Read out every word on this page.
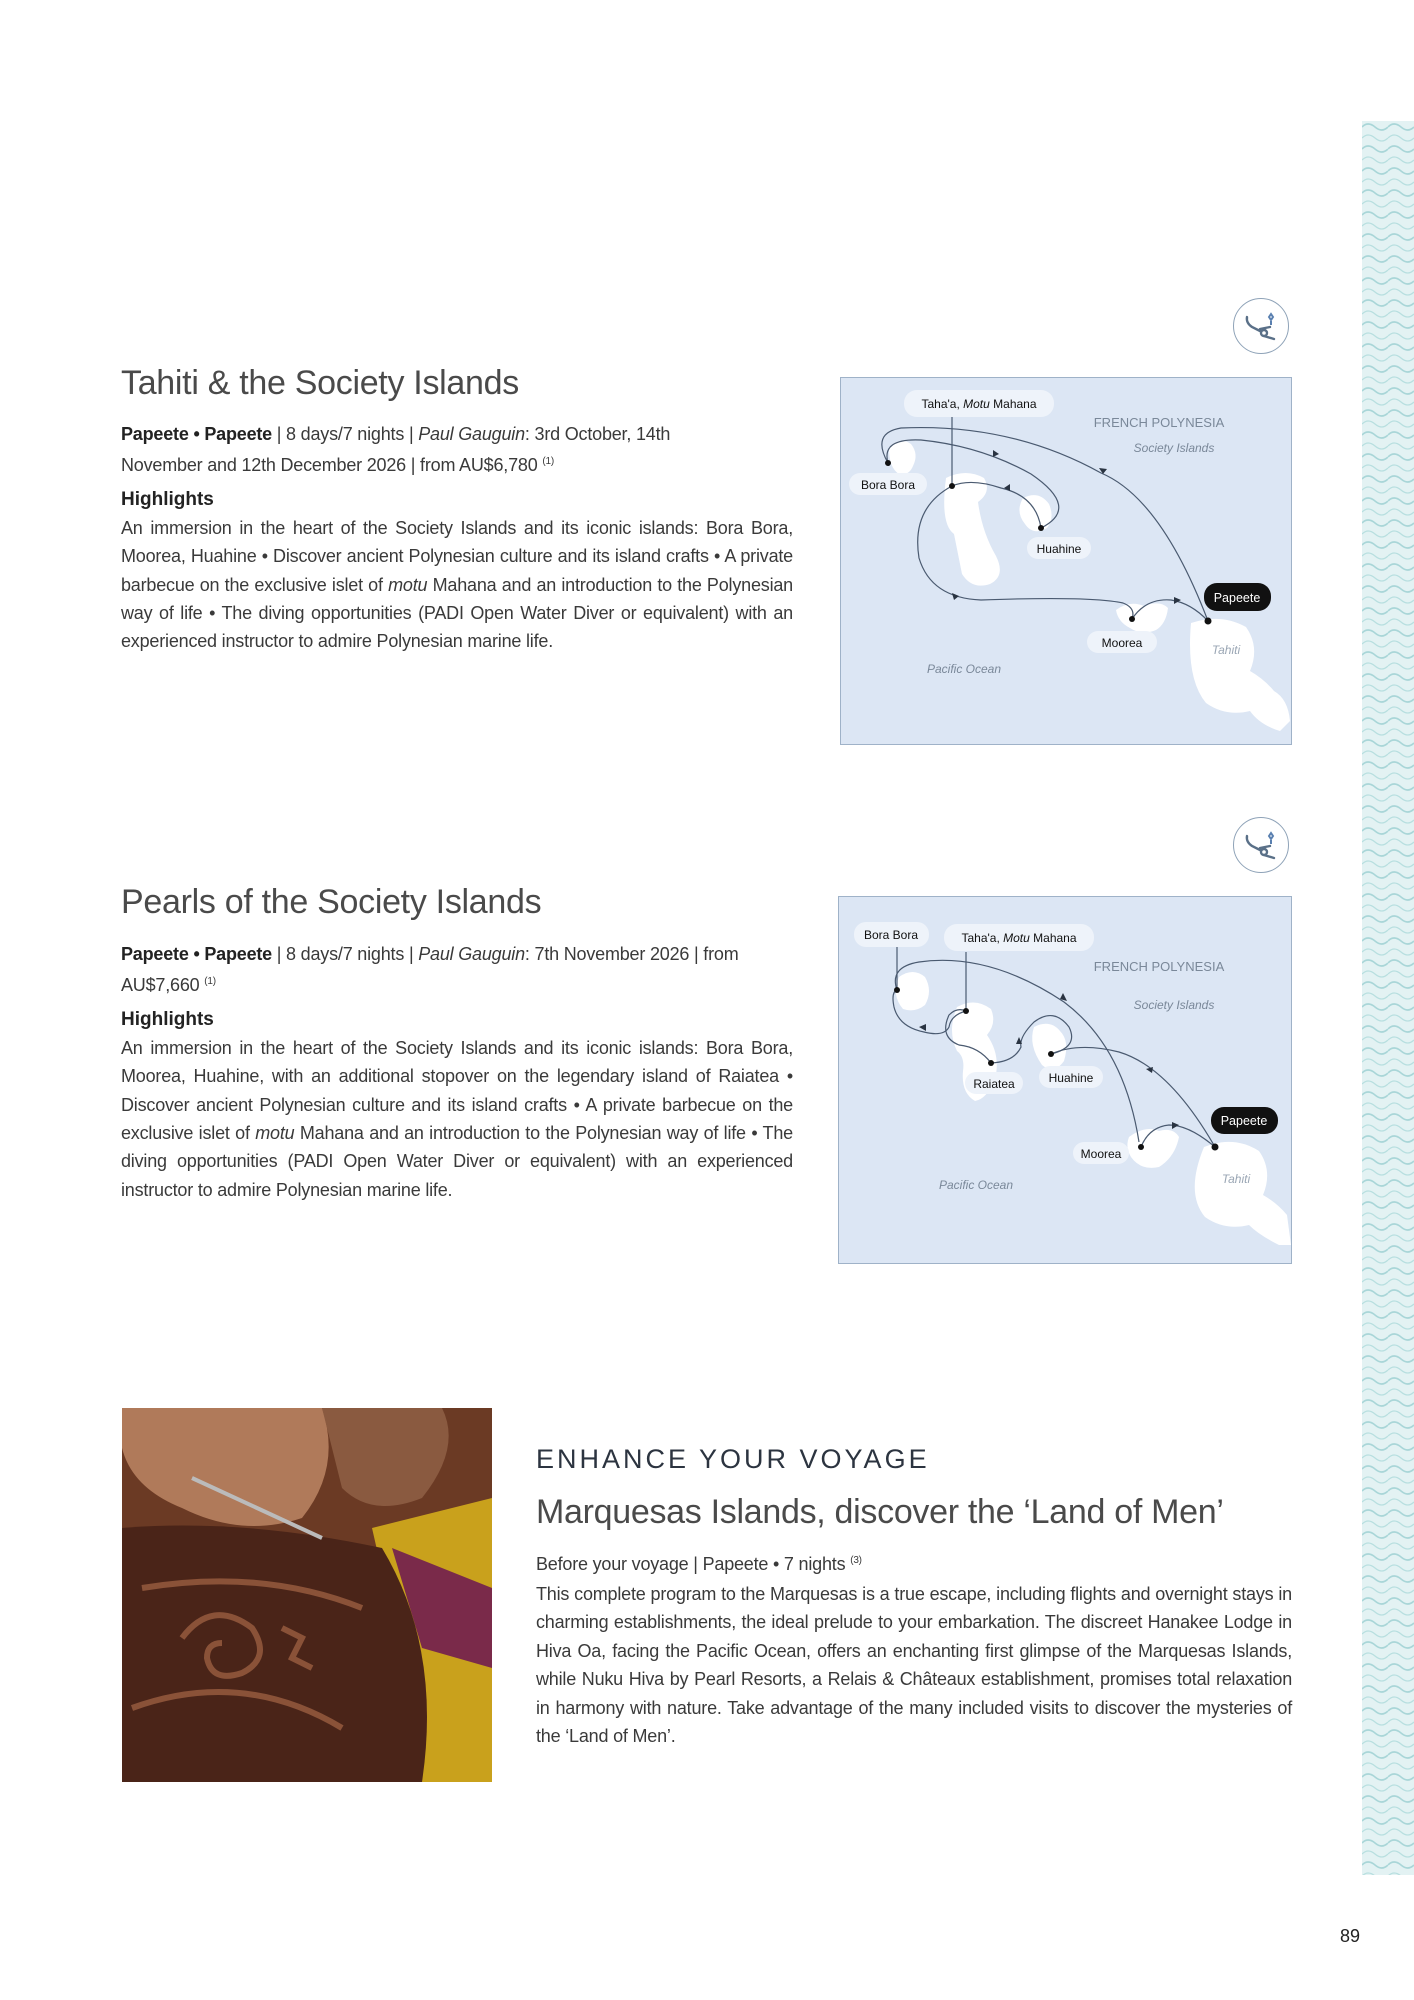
Tahiti & the Society Islands
Papeete • Papeete | 8 days/7 nights | Paul Gauguin: 3rd October, 14th November and 12th December 2026 | from AU$6,780 $^{(1)}$
Highlights
An immersion in the heart of the Society Islands and its iconic islands: Bora Bora, Moorea, Huahine • Discover ancient Polynesian culture and its island crafts • A private barbecue on the exclusive islet of motu Mahana and an introduction to the Polynesian way of life • The diving opportunities (PADI Open Water Diver or equivalent) with an experienced instructor to admire Polynesian marine life.
Taha'a, Motu Mahana
Bora Bora
Huahine
Moorea
Papeete
FRENCH POLYNESIA
Society Islands
Pacific Ocean
Tahiti
Pearls of the Society Islands
Papeete • Papeete | 8 days/7 nights | Paul Gauguin: 7th November 2026 | from AU$7,660 $^{(1)}$
Highlights
An immersion in the heart of the Society Islands and its iconic islands: Bora Bora, Moorea, Huahine, with an additional stopover on the legendary island of Raiatea • Discover ancient Polynesian culture and its island crafts • A private barbecue on the exclusive islet of motu Mahana and an introduction to the Polynesian way of life • The diving opportunities (PADI Open Water Diver or equivalent) with an experienced instructor to admire Polynesian marine life.
Bora Bora	Taha'a, Motu Mahana
Raiatea	Huahine
Moorea
Papeete
FRENCH POLYNESIA
Society Islands
Pacific Ocean	Tahiti
ENHANCE YOUR VOYAGE
Marquesas Islands, discover the ‘Land of Men’
Before your voyage | Papeete • 7 nights $^{(3)}$
This complete program to the Marquesas is a true escape, including flights and overnight stays in charming establishments, the ideal prelude to your embarkation. The discreet Hanakee Lodge in Hiva Oa, facing the Pacific Ocean, offers an enchanting first glimpse of the Marquesas Islands, while Nuku Hiva by Pearl Resorts, a Relais & Châteaux establishment, promises total relaxation in harmony with nature. Take advantage of the many included visits to discover the mysteries of the ‘Land of Men’.
89
